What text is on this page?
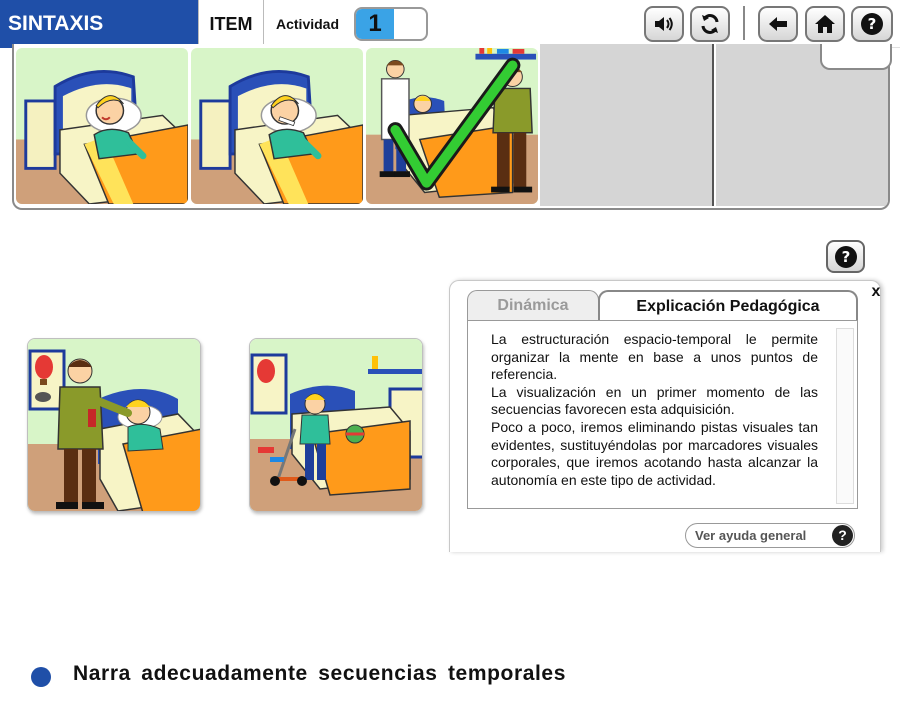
SINTAXIS	ITEM	Actividad	1	?
?
x
Dinámica	Explicación Pedagógica

La estructuración espacio-temporal le permite organizar la mente en base a unos puntos de referencia.

La visualización en un primer momento de las secuencias favorecen esta adquisición.

Poco a poco, iremos eliminando pistas visuales tan evidentes, sustituyéndolas por marcadores visuales corporales, que iremos acotando hasta alcanzar la autonomía en este tipo de actividad.

Ver ayuda general	?
Narra adecuadamente secuencias temporales
